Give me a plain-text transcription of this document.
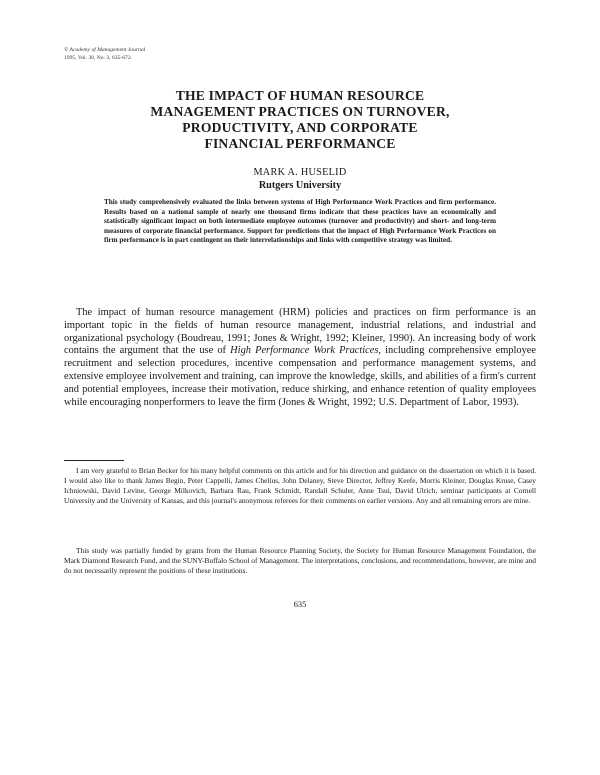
© Academy of Management Journal
1995, Vol. 38, No. 3, 635-672.
THE IMPACT OF HUMAN RESOURCE
MANAGEMENT PRACTICES ON TURNOVER,
PRODUCTIVITY, AND CORPORATE
FINANCIAL PERFORMANCE
MARK A. HUSELID
Rutgers University

This study comprehensively evaluated the links between systems of High Performance Work Practices and firm performance. Results based on a national sample of nearly one thousand firms indicate that these practices have an economically and statistically significant impact on both intermediate employee outcomes (turnover and productivity) and short- and long-term measures of corporate financial performance. Support for predictions that the impact of High Performance Work Practices on firm performance is in part contingent on their interrelationships and links with competitive strategy was limited.

The impact of human resource management (HRM) policies and practices on firm performance is an important topic in the fields of human resource management, industrial relations, and industrial and organizational psychology (Boudreau, 1991; Jones & Wright, 1992; Kleiner, 1990). An increasing body of work contains the argument that the use of High Performance Work Practices, including comprehensive employee recruitment and selection procedures, incentive compensation and performance management systems, and extensive employee involvement and training, can improve the knowledge, skills, and abilities of a firm's current and potential employees, increase their motivation, reduce shirking, and enhance retention of quality employees while encouraging nonperformers to leave the firm (Jones & Wright, 1992; U.S. Department of Labor, 1993).

I am very grateful to Brian Becker for his many helpful comments on this article and for his direction and guidance on the dissertation on which it is based. I would also like to thank James Begin, Peter Cappelli, James Chelius, John Delaney, Steve Director, Jeffrey Keefe, Morris Kleiner, Douglas Kruse, Casey Ichniowski, David Levine, George Milkovich, Barbara Rau, Frank Schmidt, Randall Schuler, Anne Tsui, David Ulrich, seminar participants at Cornell University and the University of Kansas, and this journal's anonymous referees for their comments on earlier versions. Any and all remaining errors are mine.

This study was partially funded by grants from the Human Resource Planning Society, the Society for Human Resource Management Foundation, the Mark Diamond Research Fund, and the SUNY-Buffalo School of Management. The interpretations, conclusions, and recommendations, however, are mine and do not necessarily represent the positions of these institutions.

635
